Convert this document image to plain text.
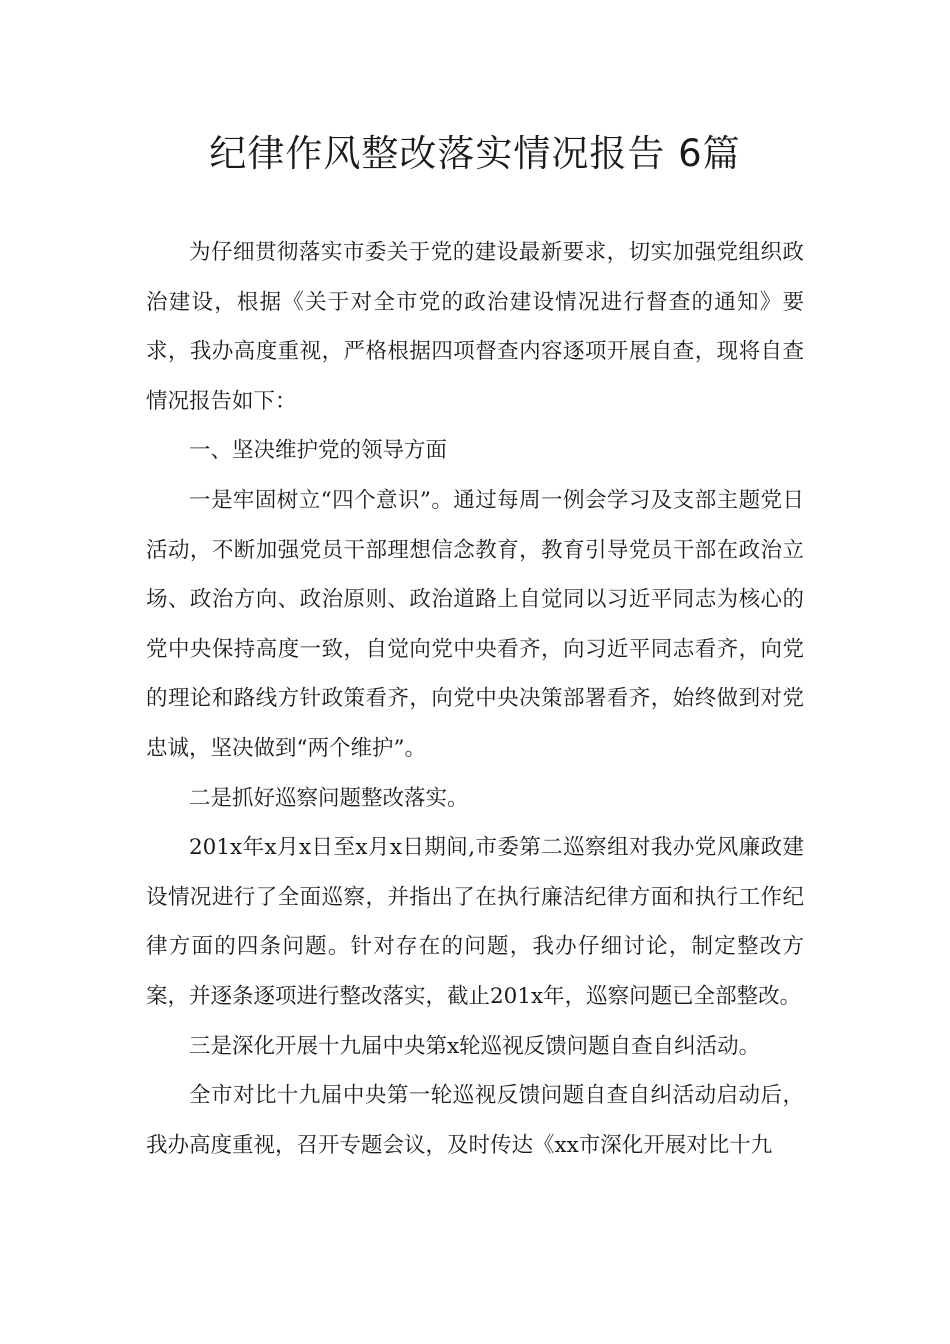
纪律作风整改落实情况报告 6篇

为仔细贯彻落实市委关于党的建设最新要求，切实加强党组织政治建设，根据《关于对全市党的政治建设情况进行督查的通知》要求，我办高度重视，严格根据四项督查内容逐项开展自查，现将自查情况报告如下：

一、坚决维护党的领导方面

一是牢固树立“四个意识”。通过每周一例会学习及支部主题党日活动，不断加强党员干部理想信念教育，教育引导党员干部在政治立场、政治方向、政治原则、政治道路上自觉同以习近平同志为核心的党中央保持高度一致，自觉向党中央看齐，向习近平同志看齐，向党的理论和路线方针政策看齐，向党中央决策部署看齐，始终做到对党忠诚，坚决做到“两个维护”。

二是抓好巡察问题整改落实。

201x年x月x日至x月x日期间,市委第二巡察组对我办党风廉政建设情况进行了全面巡察，并指出了在执行廉洁纪律方面和执行工作纪律方面的四条问题。针对存在的问题，我办仔细讨论，制定整改方案，并逐条逐项进行整改落实，截止201x年，巡察问题已全部整改。

三是深化开展十九届中央第x轮巡视反馈问题自查自纠活动。

全市对比十九届中央第一轮巡视反馈问题自查自纠活动启动后，我办高度重视，召开专题会议，及时传达《xx市深化开展对比十九
